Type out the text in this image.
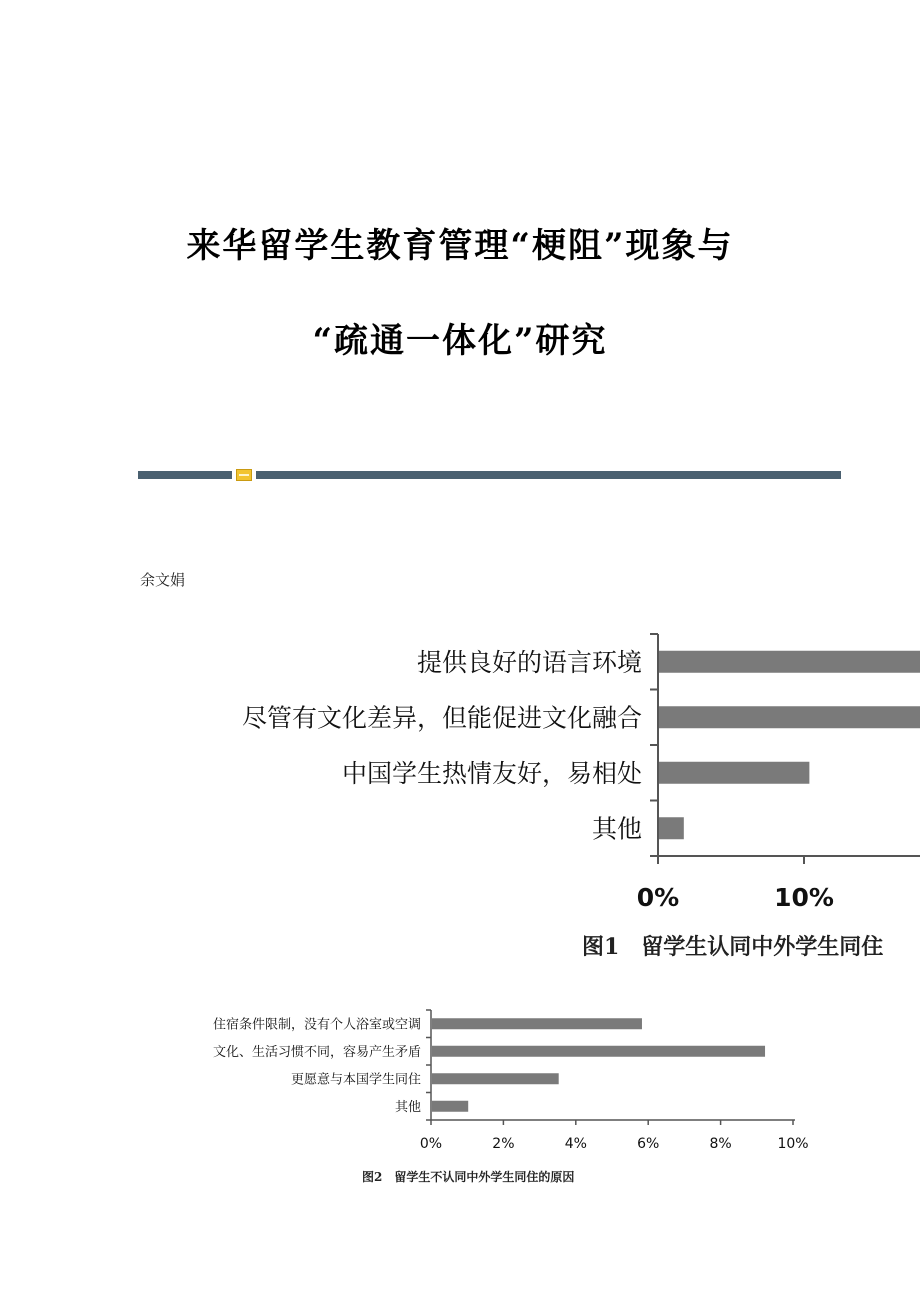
来华留学生教育管理“梗阻”现象与
“疏通一体化”研究
余文娟
提供良好的语言环境
尽管有文化差异，但能促进文化融合
中国学生热情友好，易相处
其他
0%	10%
图1　留学生认同中外学生同住
住宿条件限制，没有个人浴室或空调
文化、生活习惯不同，容易产生矛盾
更愿意与本国学生同住
其他
0%	2%	4%	6%	8%	10%
图2　留学生不认同中外学生同住的原因
